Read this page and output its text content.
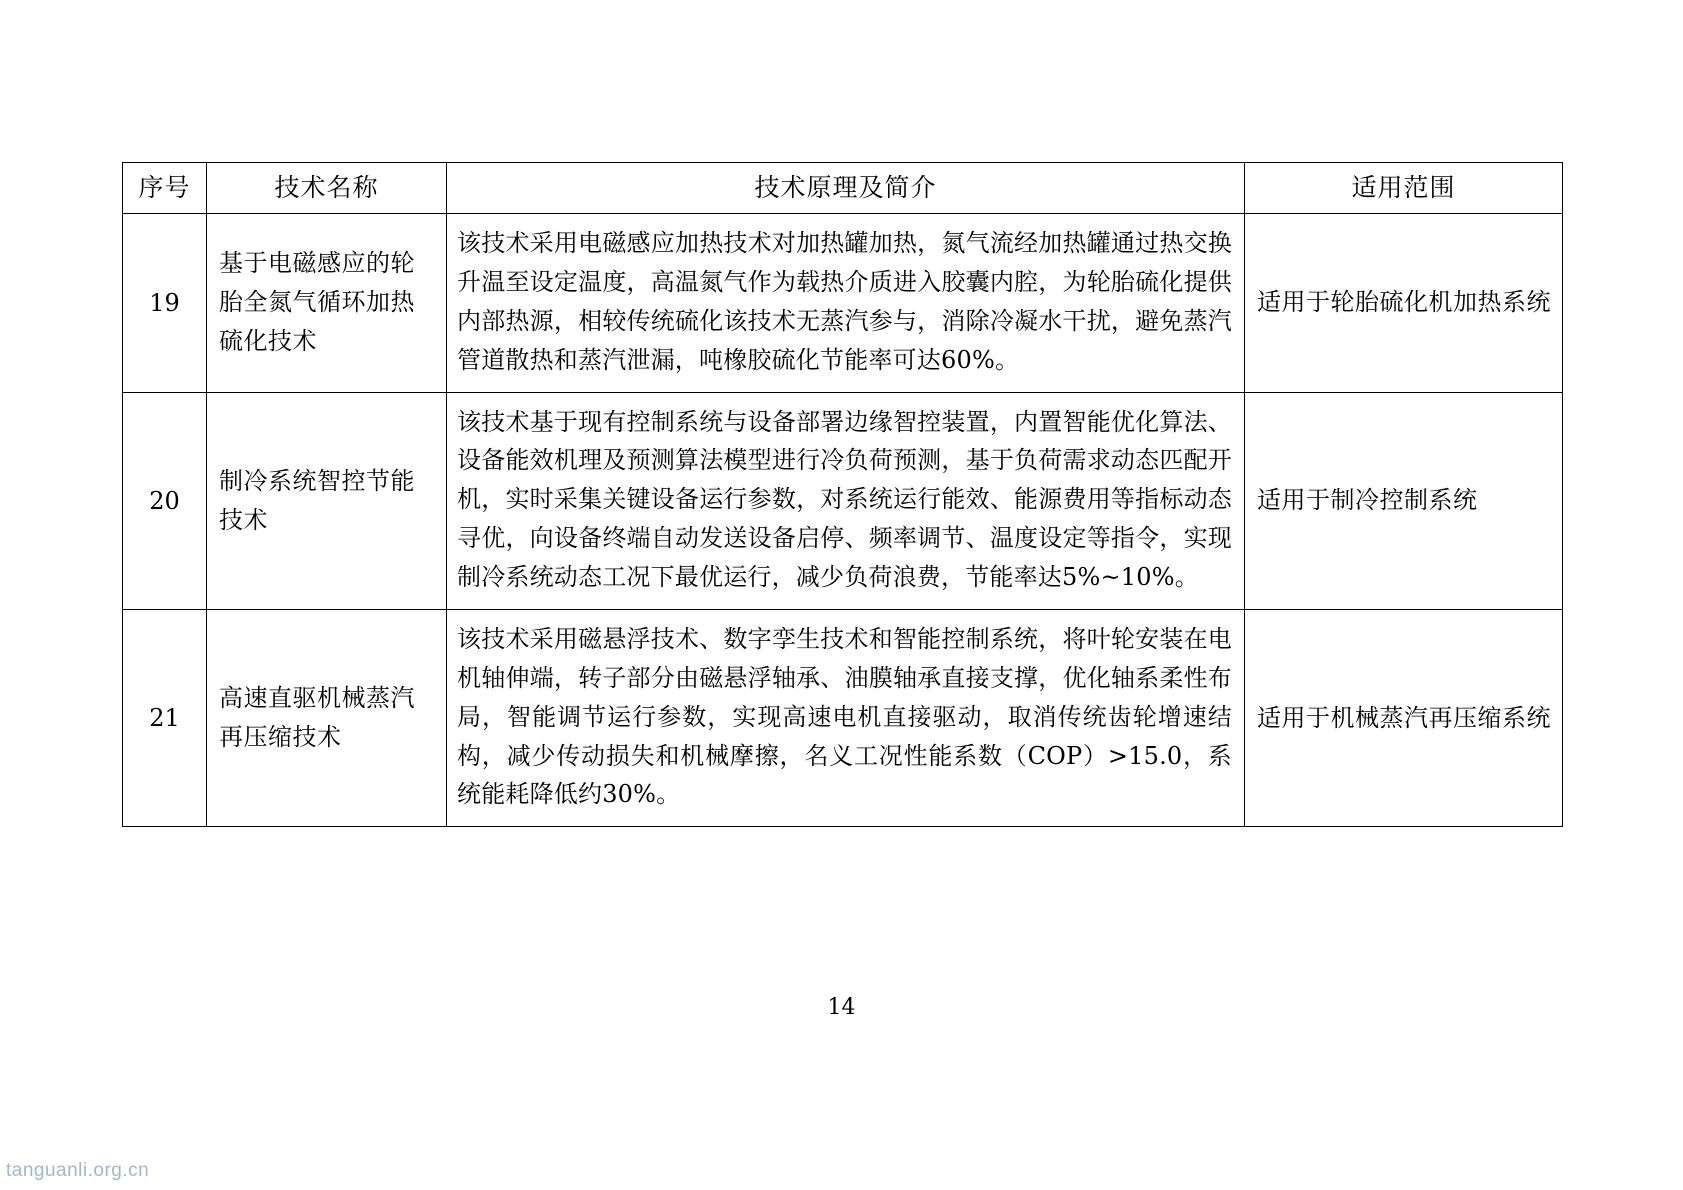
序号	技术名称	技术原理及简介	适用范围
19	基于电磁感应的轮胎全氮气循环加热硫化技术	该技术采用电磁感应加热技术对加热罐加热，氮气流经加热罐通过热交换升温至设定温度，高温氮气作为载热介质进入胶囊内腔，为轮胎硫化提供内部热源，相较传统硫化该技术无蒸汽参与，消除冷凝水干扰，避免蒸汽管道散热和蒸汽泄漏，吨橡胶硫化节能率可达60%。	适用于轮胎硫化机加热系统
20	制冷系统智控节能技术	该技术基于现有控制系统与设备部署边缘智控装置，内置智能优化算法、设备能效机理及预测算法模型进行冷负荷预测，基于负荷需求动态匹配开机，实时采集关键设备运行参数，对系统运行能效、能源费用等指标动态寻优，向设备终端自动发送设备启停、频率调节、温度设定等指令，实现制冷系统动态工况下最优运行，减少负荷浪费，节能率达5%~10%。	适用于制冷控制系统
21	高速直驱机械蒸汽再压缩技术	该技术采用磁悬浮技术、数字孪生技术和智能控制系统，将叶轮安装在电机轴伸端，转子部分由磁悬浮轴承、油膜轴承直接支撑，优化轴系柔性布局，智能调节运行参数，实现高速电机直接驱动，取消传统齿轮增速结构，减少传动损失和机械摩擦，名义工况性能系数（COP）>15.0，系统能耗降低约30%。	适用于机械蒸汽再压缩系统
14
tanguanli.org.cn
